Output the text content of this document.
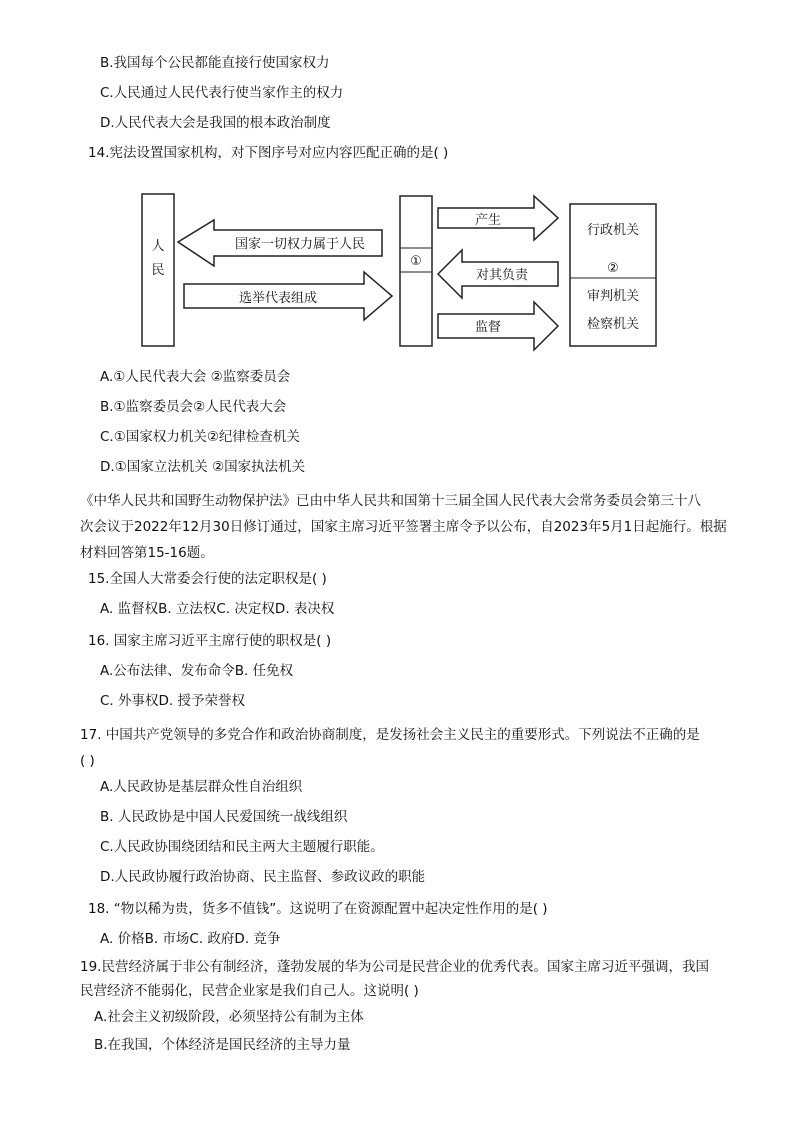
B.我国每个公民都能直接行使国家权力
C.人民通过人民代表行使当家作主的权力
D.人民代表大会是我国的根本政治制度
14.宪法设置国家机构，对下图序号对应内容匹配正确的是( )
人
民
国家一切权力属于人民
选举代表组成
①
产生
对其负责
监督
行政机关
②
审判机关
检察机关
A.①人民代表大会 ②监察委员会
B.①监察委员会②人民代表大会
C.①国家权力机关②纪律检查机关
D.①国家立法机关 ②国家执法机关
《中华人民共和国野生动物保护法》已由中华人民共和国第十三届全国人民代表大会常务委员会第三十八
次会议于2022年12月30日修订通过，国家主席习近平签署主席令予以公布，自2023年5月1日起施行。根据
材料回答第15-16题。
15.全国人大常委会行使的法定职权是( )
A. 监督权B. 立法权C. 决定权D. 表决权
16. 国家主席习近平主席行使的职权是( )
A.公布法律、发布命令B. 任免权
C. 外事权D. 授予荣誉权
17. 中国共产党领导的多党合作和政治协商制度，是发扬社会主义民主的重要形式。下列说法不正确的是
( )
A.人民政协是基层群众性自治组织
B. 人民政协是中国人民爱国统一战线组织
C.人民政协围绕团结和民主两大主题履行职能。
D.人民政协履行政治协商、民主监督、参政议政的职能
18. “物以稀为贵，货多不值钱”。这说明了在资源配置中起决定性作用的是( )
A. 价格B. 市场C. 政府D. 竞争
19.民营经济属于非公有制经济，蓬勃发展的华为公司是民营企业的优秀代表。国家主席习近平强调，我国
民营经济不能弱化，民营企业家是我们自己人。这说明( )
A.社会主义初级阶段，必须坚持公有制为主体
B.在我国，个体经济是国民经济的主导力量
